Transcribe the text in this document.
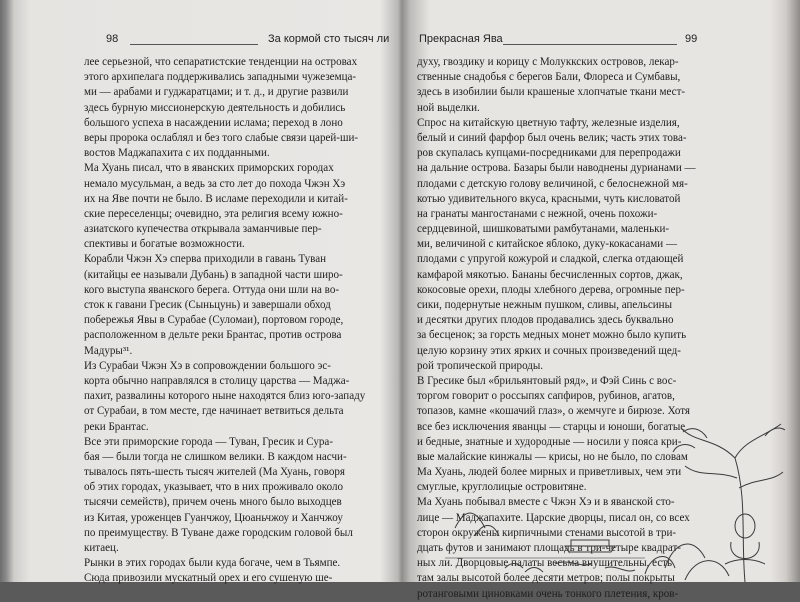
98	За кормой сто тысяч ли
лее серьезной, что сепаратистские тенденции на островах
этого архипелага поддерживались западными чужеземца-
ми — арабами и гуджаратцами; и т. д., и другие развили
здесь бурную миссионерскую деятельность и добились
большого успеха в насаждении ислама; переход в лоно
веры пророка ослаблял и без того слабые связи царей-ши-
востов Маджапахита с их подданными.
Ма Хуань писал, что в яванских приморских городах
немало мусульман, а ведь за сто лет до похода Чжэн Хэ
их на Яве почти не было. В исламе переходили и китай-
ские переселенцы; очевидно, эта религия всему южно-
азиатского купечества открывала заманчивые пер-
спективы и богатые возможности.
Корабли Чжэн Хэ сперва приходили в гавань Туван
(китайцы ее называли Дубань) в западной части широ-
кого выступа яванского берега. Оттуда они шли на во-
сток к гавани Гресик (Сыньцунь) и завершали обход
побережья Явы в Сурабае (Суломаи), портовом городе,
расположенном в дельте реки Брантас, против острова
Мадуры³¹.
Из Сурабаи Чжэн Хэ в сопровождении большого эс-
корта обычно направлялся в столицу царства — Маджа-
пахит, развалины которого ныне находятся близ юго-западу
от Сурабаи, в том месте, где начинает ветвиться дельта
реки Брантас.
Все эти приморские города — Туван, Гресик и Сура-
бая — были тогда не слишком велики. В каждом насчи-
тывалось пять-шесть тысяч жителей (Ма Хуань, говоря
об этих городах, указывает, что в них проживало около
тысячи семейств), причем очень много было выходцев
из Китая, уроженцев Гуанчжоу, Цюаньчжоу и Ханчжоу
по преимуществу. В Туване даже городским головой был
китаец.
Рынки в этих городах были куда богаче, чем в Тьямпе.
Сюда привозили мускатный орех и его сушеную ше-
Прекрасная Ява	99
духу, гвоздику и корицу с Молуккских островов, лекар-
ственные снадобья с берегов Бали, Флореса и Сумбавы,
здесь в изобилии были крашеные хлопчатые ткани мест-
ной выделки.
Спрос на китайскую цветную тафту, железные изделия,
белый и синий фарфор был очень велик; часть этих това-
ров скупалась купцами-посредниками для перепродажи
на дальние острова. Базары были наводнены дурианами —
плодами с детскую голову величиной, с белоснежной мя-
котью удивительного вкуса, красными, чуть кисловатой
на гранаты мангостанами с нежной, очень похожи-
сердцевиной, шишковатыми рамбутанами, маленьки-
ми, величиной с китайское яблоко, дуку-кокасанами —
плодами с упругой кожурой и сладкой, слегка отдающей
камфарой мякотью. Бананы бесчисленных сортов, джак,
кокосовые орехи, плоды хлебного дерева, огромные пер-
сики, подернутые нежным пушком, сливы, апельсины
и десятки других плодов продавались здесь буквально
за бесценок; за горсть медных монет можно было купить
целую корзину этих ярких и сочных произведений щед-
рой тропической природы.
В Гресике был «брильянтовый ряд», и Фэй Синь с вос-
торгом говорит о россыпях сапфиров, рубинов, агатов,
топазов, камне «кошачий глаз», о жемчуге и бирюзе. Хотя
все без исключения яванцы — старцы и юноши, богатые
и бедные, знатные и худородные — носили у пояса кри-
вые малайские кинжалы — крисы, но не было, по словам
Ма Хуань, людей более мирных и приветливых, чем эти
смуглые, круглолицые островитяне.
Ма Хуань побывал вместе с Чжэн Хэ и в яванской сто-
лице — Маджапахите. Царские дворцы, писал он, со всех
сторон окружены кирпичными стенами высотой в три-
дцать футов и занимают площадь в три-четыре квадрат-
ных ли. Дворцовые палаты весьма внушительны, есть
там залы высотой более десяти метров; полы покрыты
ротанговыми циновками очень тонкого плетения, кров-
